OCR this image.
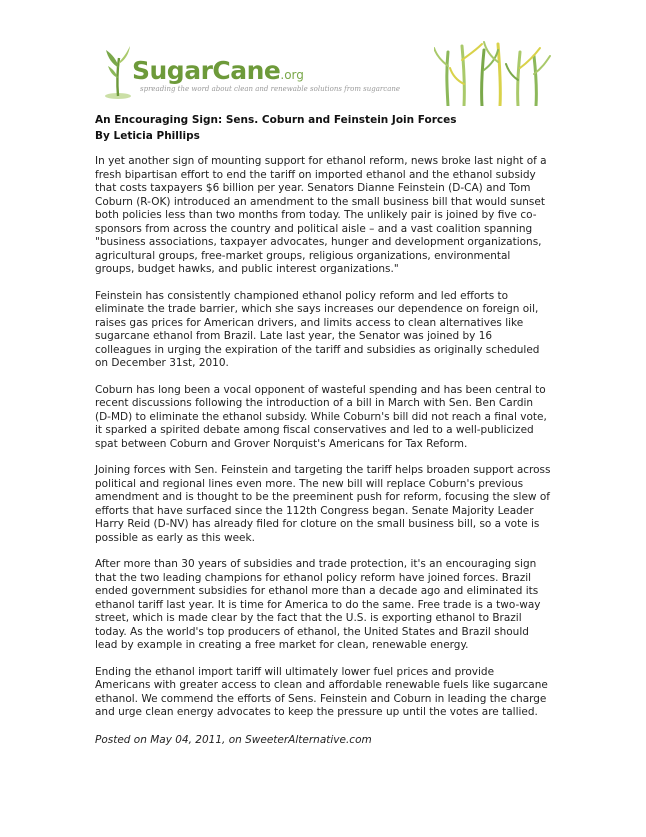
SugarCane.org
spreading the word about clean and renewable solutions from sugarcane
An Encouraging Sign: Sens. Coburn and Feinstein Join Forces
By Leticia Phillips

In yet another sign of mounting support for ethanol reform, news broke last night of a fresh bipartisan effort to end the tariff on imported ethanol and the ethanol subsidy that costs taxpayers $6 billion per year. Senators Dianne Feinstein (D-CA) and Tom Coburn (R-OK) introduced an amendment to the small business bill that would sunset both policies less than two months from today. The unlikely pair is joined by five co-sponsors from across the country and political aisle – and a vast coalition spanning "business associations, taxpayer advocates, hunger and development organizations, agricultural groups, free-market groups, religious organizations, environmental groups, budget hawks, and public interest organizations."

Feinstein has consistently championed ethanol policy reform and led efforts to eliminate the trade barrier, which she says increases our dependence on foreign oil, raises gas prices for American drivers, and limits access to clean alternatives like sugarcane ethanol from Brazil. Late last year, the Senator was joined by 16 colleagues in urging the expiration of the tariff and subsidies as originally scheduled on December 31st, 2010.

Coburn has long been a vocal opponent of wasteful spending and has been central to recent discussions following the introduction of a bill in March with Sen. Ben Cardin (D-MD) to eliminate the ethanol subsidy. While Coburn's bill did not reach a final vote, it sparked a spirited debate among fiscal conservatives and led to a well-publicized spat between Coburn and Grover Norquist's Americans for Tax Reform.

Joining forces with Sen. Feinstein and targeting the tariff helps broaden support across political and regional lines even more. The new bill will replace Coburn's previous amendment and is thought to be the preeminent push for reform, focusing the slew of efforts that have surfaced since the 112th Congress began. Senate Majority Leader Harry Reid (D-NV) has already filed for cloture on the small business bill, so a vote is possible as early as this week.

After more than 30 years of subsidies and trade protection, it's an encouraging sign that the two leading champions for ethanol policy reform have joined forces. Brazil ended government subsidies for ethanol more than a decade ago and eliminated its ethanol tariff last year. It is time for America to do the same. Free trade is a two-way street, which is made clear by the fact that the U.S. is exporting ethanol to Brazil today. As the world's top producers of ethanol, the United States and Brazil should lead by example in creating a free market for clean, renewable energy.

Ending the ethanol import tariff will ultimately lower fuel prices and provide Americans with greater access to clean and affordable renewable fuels like sugarcane ethanol. We commend the efforts of Sens. Feinstein and Coburn in leading the charge and urge clean energy advocates to keep the pressure up until the votes are tallied.

Posted on May 04, 2011, on SweeterAlternative.com
